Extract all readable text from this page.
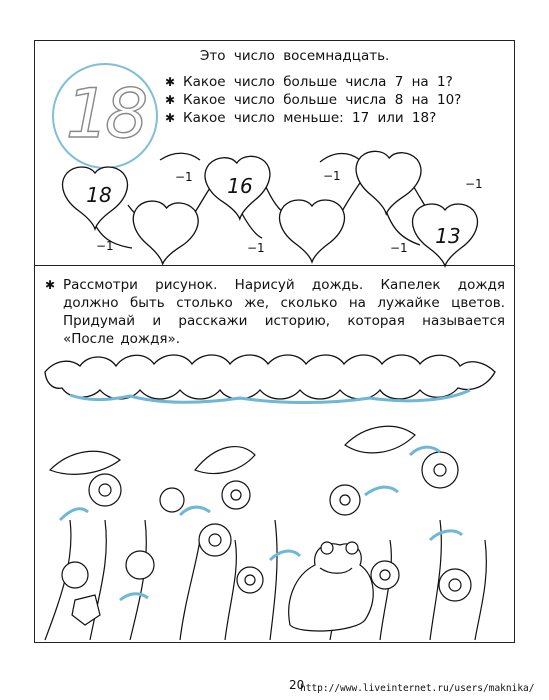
18
Это число восемнадцать.
✱ Какое число больше числа 7 на 1?
✱ Какое число больше числа 8 на 10?
✱ Какое число меньше: 17 или 18?
18	16
13
−1
−1
−1
−1
−1
−1
✱ Рассмотри рисунок. Нарисуй дождь. Капелек дождя должно быть столько же, сколько на лужайке цветов. Придумай и расскажи историю, которая называется «После дождя».
20
http://www.liveinternet.ru/users/maknika/
